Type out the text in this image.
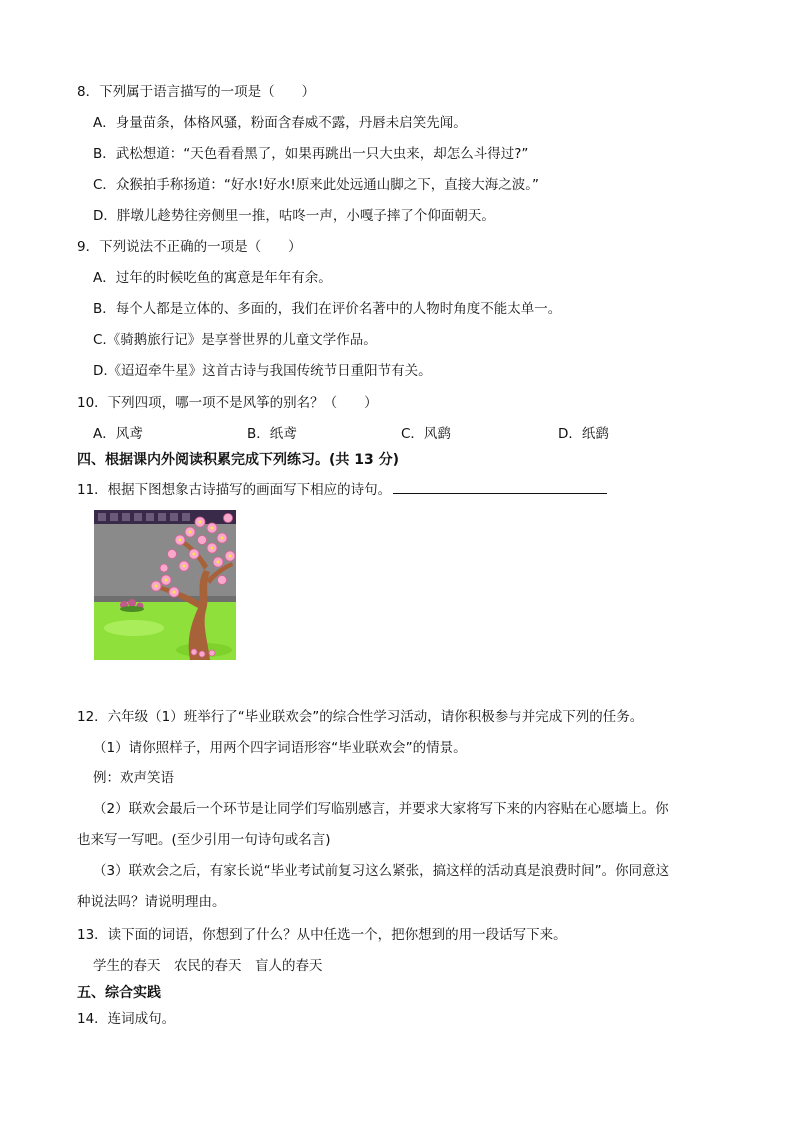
8．下列属于语言描写的一项是（　　）
A．身量苗条，体格风骚，粉面含春威不露，丹唇未启笑先闻。
B．武松想道：“天色看看黑了，如果再跳出一只大虫来，却怎么斗得过?”
C．众猴拍手称扬道：“好水!好水!原来此处远通山脚之下，直接大海之波。”
D．胖墩儿趁势往旁侧里一推，咕咚一声，小嘎子摔了个仰面朝天。
9．下列说法不正确的一项是（　　）
A．过年的时候吃鱼的寓意是年年有余。
B．每个人都是立体的、多面的，我们在评价名著中的人物时角度不能太单一。
C.《骑鹅旅行记》是享誉世界的儿童文学作品。
D.《迢迢牵牛星》这首古诗与我国传统节日重阳节有关。
10．下列四项，哪一项不是风筝的别名？（　　）
A．风鸢	B．纸鸢	C．风鹞	D．纸鹞
四、根据课内外阅读积累完成下列练习。(共 13 分)
11．根据下图想象古诗描写的画面写下相应的诗句。
12．六年级（1）班举行了“毕业联欢会”的综合性学习活动，请你积极参与并完成下列的任务。
（1）请你照样子，用两个四字词语形容“毕业联欢会”的情景。
例：欢声笑语
（2）联欢会最后一个环节是让同学们写临别感言，并要求大家将写下来的内容贴在心愿墙上。你
也来写一写吧。(至少引用一句诗句或名言)
（3）联欢会之后，有家长说“毕业考试前复习这么紧张，搞这样的活动真是浪费时间”。你同意这
种说法吗？请说明理由。
13．读下面的词语，你想到了什么？从中任选一个，把你想到的用一段话写下来。
学生的春天　农民的春天　盲人的春天
五、综合实践
14．连词成句。
